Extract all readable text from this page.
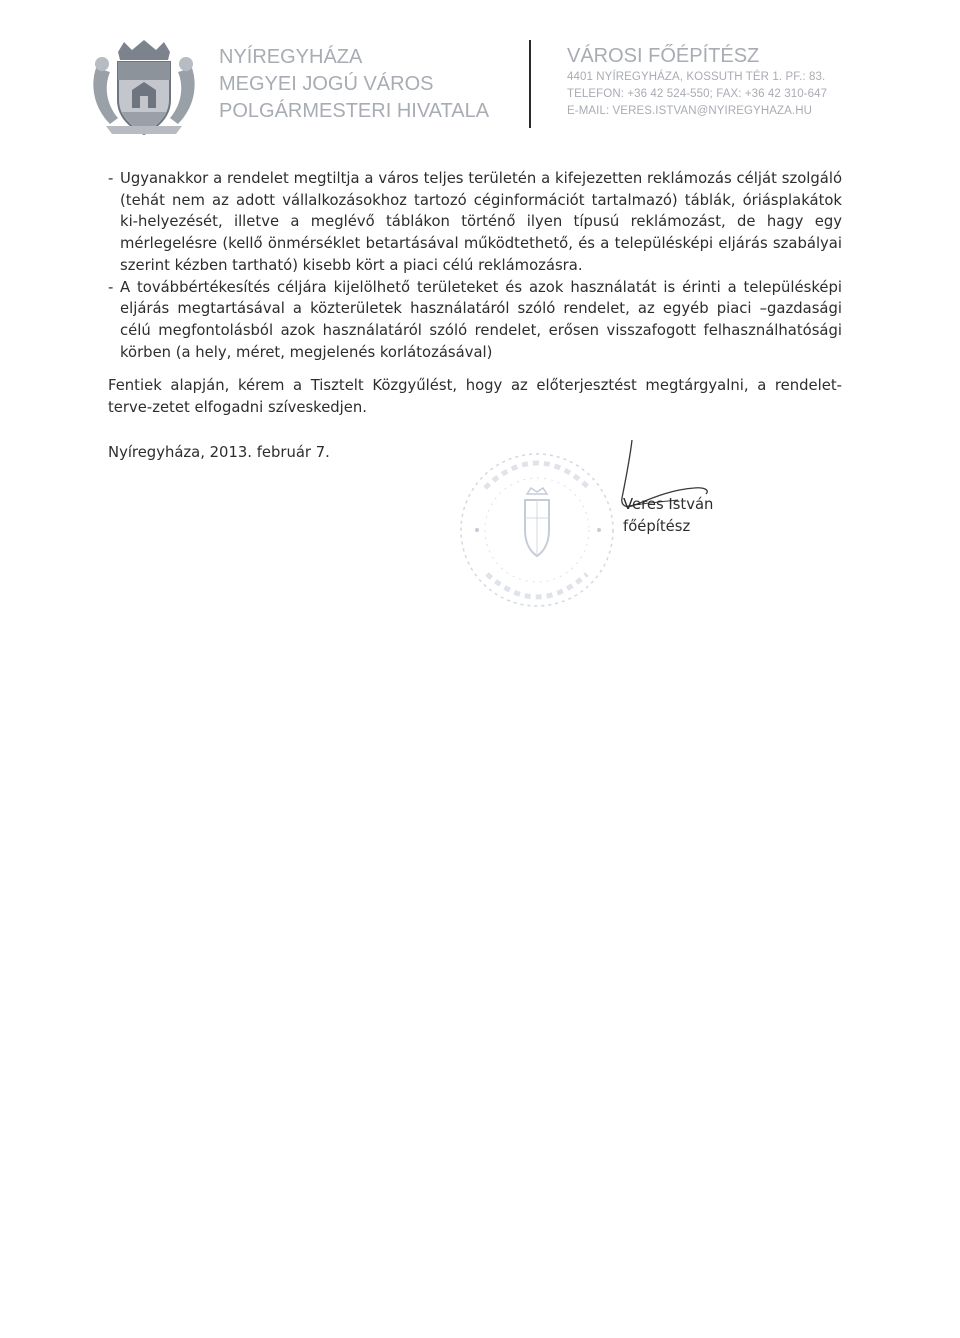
NYÍREGYHÁZA
MEGYEI JOGÚ VÁROS
POLGÁRMESTERI HIVATALA
VÁROSI FŐÉPÍTÉSZ
4401 NYÍREGYHÁZA, KOSSUTH TÉR 1. PF.: 83.
TELEFON: +36 42 524-550; FAX: +36 42 310-647
E-MAIL: VERES.ISTVAN@NYIREGYHAZA.HU
- Ugyanakkor a rendelet megtiltja a város teljes területén a kifejezetten reklámozás célját szolgáló (tehát nem az adott vállalkozásokhoz tartozó céginformációt tartalmazó) táblák, óriásplakátok ki-helyezését, illetve a meglévő táblákon történő ilyen típusú reklámozást, de hagy egy mérlegelésre (kellő önmérséklet betartásával működtethető, és a településképi eljárás szabályai szerint kézben tartható) kisebb kört a piaci célú reklámozásra.
- A továbbértékesítés céljára kijelölhető területeket és azok használatát is érinti a településképi eljárás megtartásával a közterületek használatáról szóló rendelet, az egyéb piaci –gazdasági célú megfontolásból azok használatáról szóló rendelet, erősen visszafogott felhasználhatósági körben (a hely, méret, megjelenés korlátozásával)
Fentiek alapján, kérem a Tisztelt Közgyűlést, hogy az előterjesztést megtárgyalni, a rendelet-terve-zetet elfogadni szíveskedjen.
Nyíregyháza, 2013. február 7.
Veres István
főépítész
